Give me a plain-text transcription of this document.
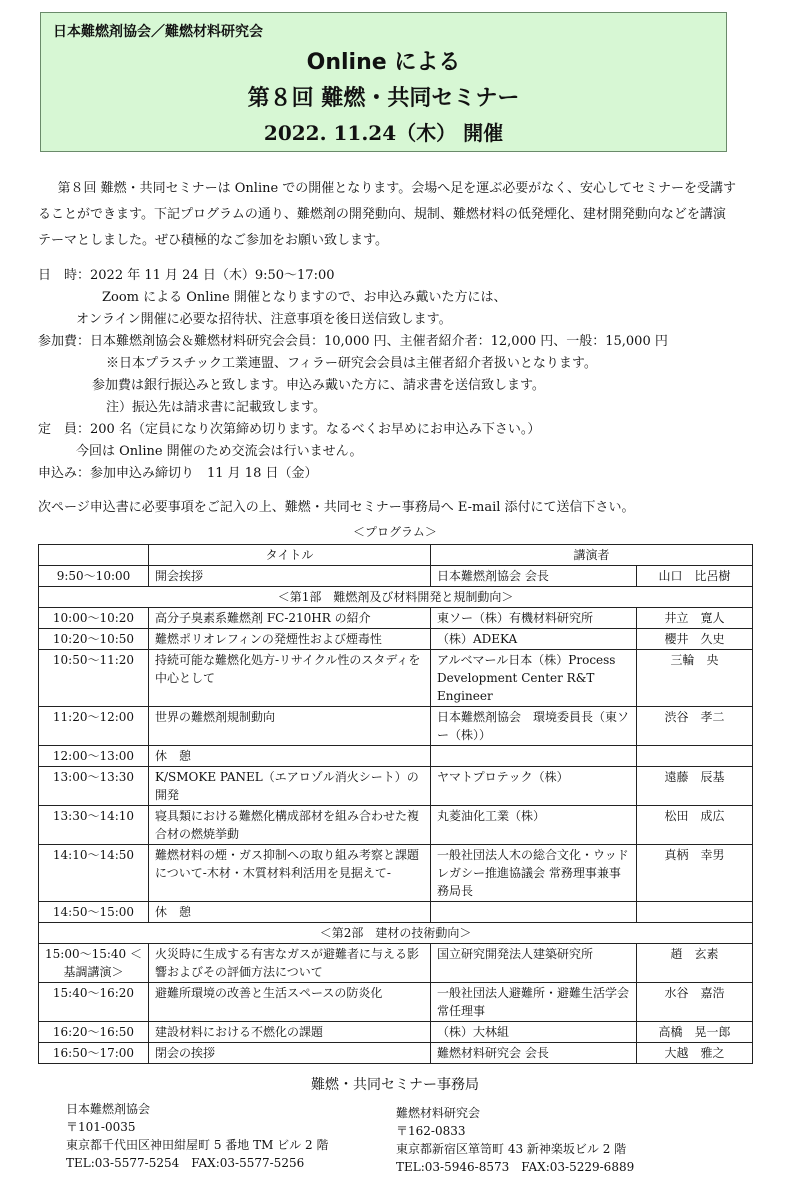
日本難燃剤協会／難燃材料研究会
Online による
第８回 難燃・共同セミナー
2022. 11.24（木） 開催

第８回 難燃・共同セミナーは Online での開催となります。会場へ足を運ぶ必要がなく、安心してセミナーを受講することができます。下記プログラムの通り、難燃剤の開発動向、規制、難燃材料の低発煙化、建材開発動向などを講演テーマとしました。ぜひ積極的なご参加をお願い致します。

日　時：2022 年 11 月 24 日（木）9:50～17:00
Zoom による Online 開催となりますので、お申込み戴いた方には、
オンライン開催に必要な招待状、注意事項を後日送信致します。
参加費：日本難燃剤協会＆難燃材料研究会会員：10,000 円、主催者紹介者：12,000 円、一般：15,000 円
※日本プラスチック工業連盟、フィラー研究会会員は主催者紹介者扱いとなります。
参加費は銀行振込みと致します。申込み戴いた方に、請求書を送信致します。
注）振込先は請求書に記載致します。
定　員：200 名（定員になり次第締め切ります。なるべくお早めにお申込み下さい。）
今回は Online 開催のため交流会は行いません。
申込み：参加申込み締切り　11 月 18 日（金）
次ページ申込書に必要事項をご記入の上、難燃・共同セミナー事務局へ E-mail 添付にて送信下さい。
＜プログラム＞
	タイトル	講演者	
9:50～10:00	開会挨拶	日本難燃剤協会 会長	山口　比呂樹
＜第1部　難燃剤及び材料開発と規制動向＞			
10:00～10:20	高分子臭素系難燃剤 FC-210HR の紹介	東ソー（株）有機材料研究所	井立　寛人
10:20～10:50	難燃ポリオレフィンの発煙性および煙毒性	（株）ADEKA	櫻井　久史
10:50～11:20	持続可能な難燃化処方-リサイクル性のスタディを中心として	アルベマール日本（株）Process Development Center R&T Engineer	三輪　央
11:20～12:00	世界の難燃剤規制動向	日本難燃剤協会　環境委員長（東ソー（株））	渋谷　孝二
12:00～13:00	休　憩		
13:00～13:30	K/SMOKE PANEL（エアロゾル消火シート）の開発	ヤマトプロテック（株）	遠藤　辰基
13:30～14:10	寝具類における難燃化構成部材を組み合わせた複合材の燃焼挙動	丸菱油化工業（株）	松田　成広
14:10～14:50	難燃材料の煙・ガス抑制への取り組み考察と課題について-木材・木質材料利活用を見据えて-	一般社団法人木の総合文化・ウッドレガシー推進協議会 常務理事兼事務局長	真柄　幸男
14:50～15:00	休　憩		
＜第2部　建材の技術動向＞			
15:00～15:40 ＜基調講演＞	火災時に生成する有害なガスが避難者に与える影響およびその評価方法について	国立研究開発法人建築研究所	趙　玄素
15:40～16:20	避難所環境の改善と生活スペースの防炎化	一般社団法人避難所・避難生活学会　常任理事	水谷　嘉浩
16:20～16:50	建設材料における不燃化の課題	（株）大林組	高橋　晃一郎
16:50～17:00	閉会の挨拶	難燃材料研究会 会長	大越　雅之
難燃・共同セミナー事務局
日本難燃剤協会
〒101-0035
東京都千代田区神田紺屋町 5 番地 TM ビル 2 階
TEL:03-5577-5254　FAX:03-5577-5256
難燃材料研究会
〒162-0833
東京都新宿区箪笥町 43 新神楽坂ビル 2 階
TEL:03-5946-8573　FAX:03-5229-6889
